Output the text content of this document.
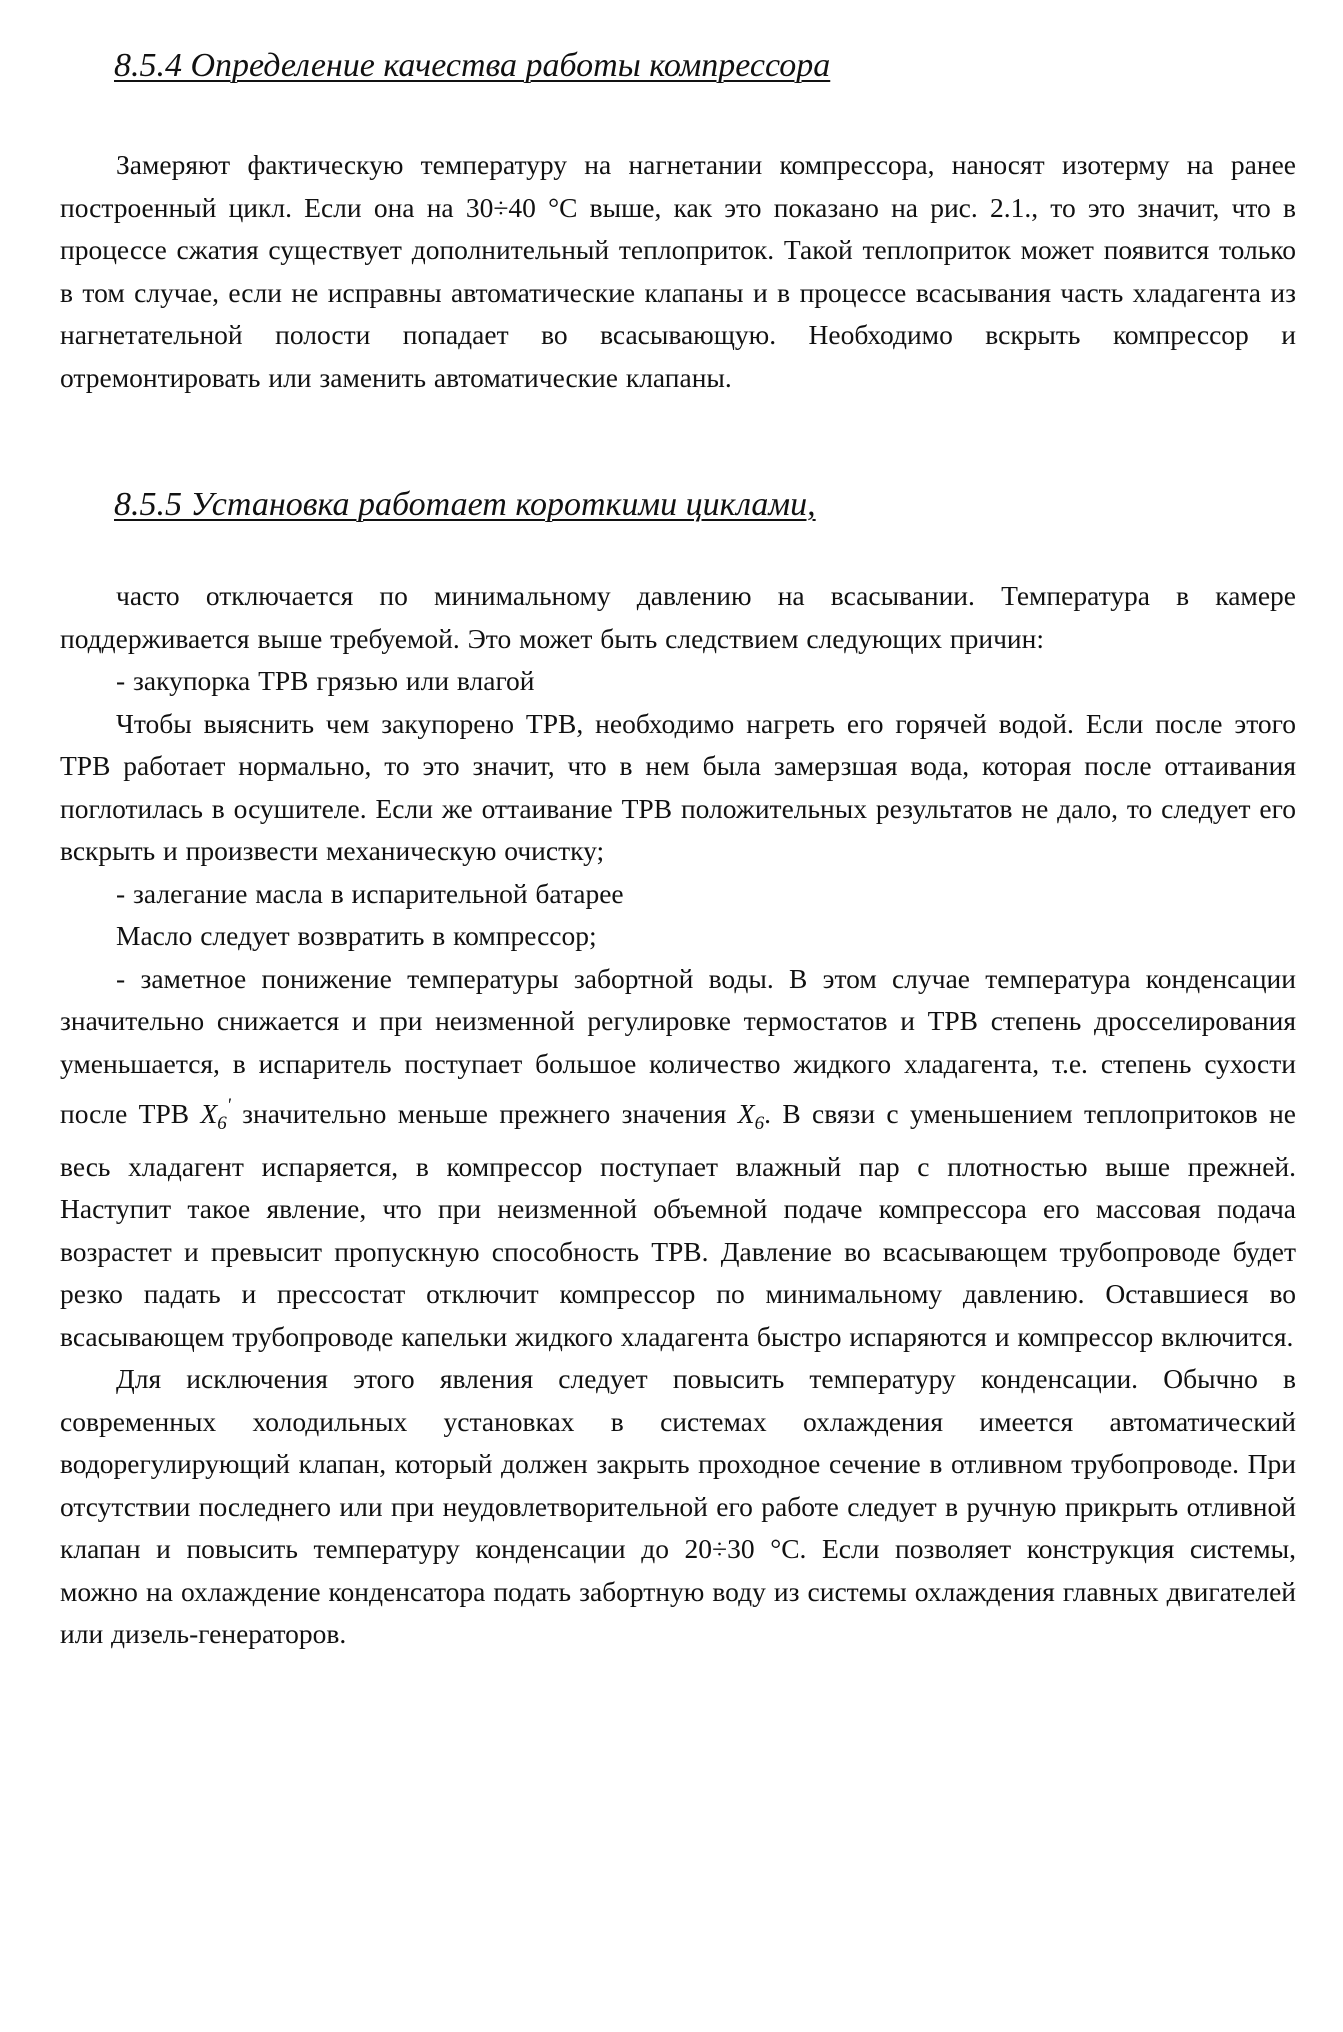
8.5.4 Определение качества работы компрессора

Замеряют фактическую температуру на нагнетании компрессора, наносят изотерму на ранее построенный цикл. Если она на 30÷40 °С выше, как это показано на рис. 2.1., то это значит, что в процессе сжатия существует дополнительный теплоприток. Такой теплоприток может появится только в том случае, если не исправны автоматические клапаны и в процессе всасывания часть хладагента из нагнетательной полости попадает во всасывающую. Необходимо вскрыть компрессор и отремонтировать или заменить автоматические клапаны.

8.5.5 Установка работает короткими циклами,

часто отключается по минимальному давлению на всасывании. Температура в камере поддерживается выше требуемой. Это может быть следствием следующих причин:

- закупорка ТРВ грязью или влагой

Чтобы выяснить чем закупорено ТРВ, необходимо нагреть его горячей водой. Если после этого ТРВ работает нормально, то это значит, что в нем была замерзшая вода, которая после оттаивания поглотилась в осушителе. Если же оттаивание ТРВ положительных результатов не дало, то следует его вскрыть и произвести механическую очистку;

- залегание масла в испарительной батарее

Масло следует возвратить в компрессор;

- заметное понижение температуры забортной воды. В этом случае температура конденсации значительно снижается и при неизменной регулировке термостатов и ТРВ степень дросселирования уменьшается, в испаритель поступает большое количество жидкого хладагента, т.е. степень сухости после ТРВ $X_6'$ значительно меньше прежнего значения $X_6$. В связи с уменьшением теплопритоков не весь хладагент испаряется, в компрессор поступает влажный пар с плотностью выше прежней. Наступит такое явление, что при неизменной объемной подаче компрессора его массовая подача возрастет и превысит пропускную способность ТРВ. Давление во всасывающем трубопроводе будет резко падать и прессостат отключит компрессор по минимальному давлению. Оставшиеся во всасывающем трубопроводе капельки жидкого хладагента быстро испаряются и компрессор включится.

Для исключения этого явления следует повысить температуру конденсации. Обычно в современных холодильных установках в системах охлаждения имеется автоматический водорегулирующий клапан, который должен закрыть проходное сечение в отливном трубопроводе. При отсутствии последнего или при неудовлетворительной его работе следует в ручную прикрыть отливной клапан и повысить температуру конденсации до 20÷30 °С. Если позволяет конструкция системы, можно на охлаждение конденсатора подать забортную воду из системы охлаждения главных двигателей или дизель-генераторов.
